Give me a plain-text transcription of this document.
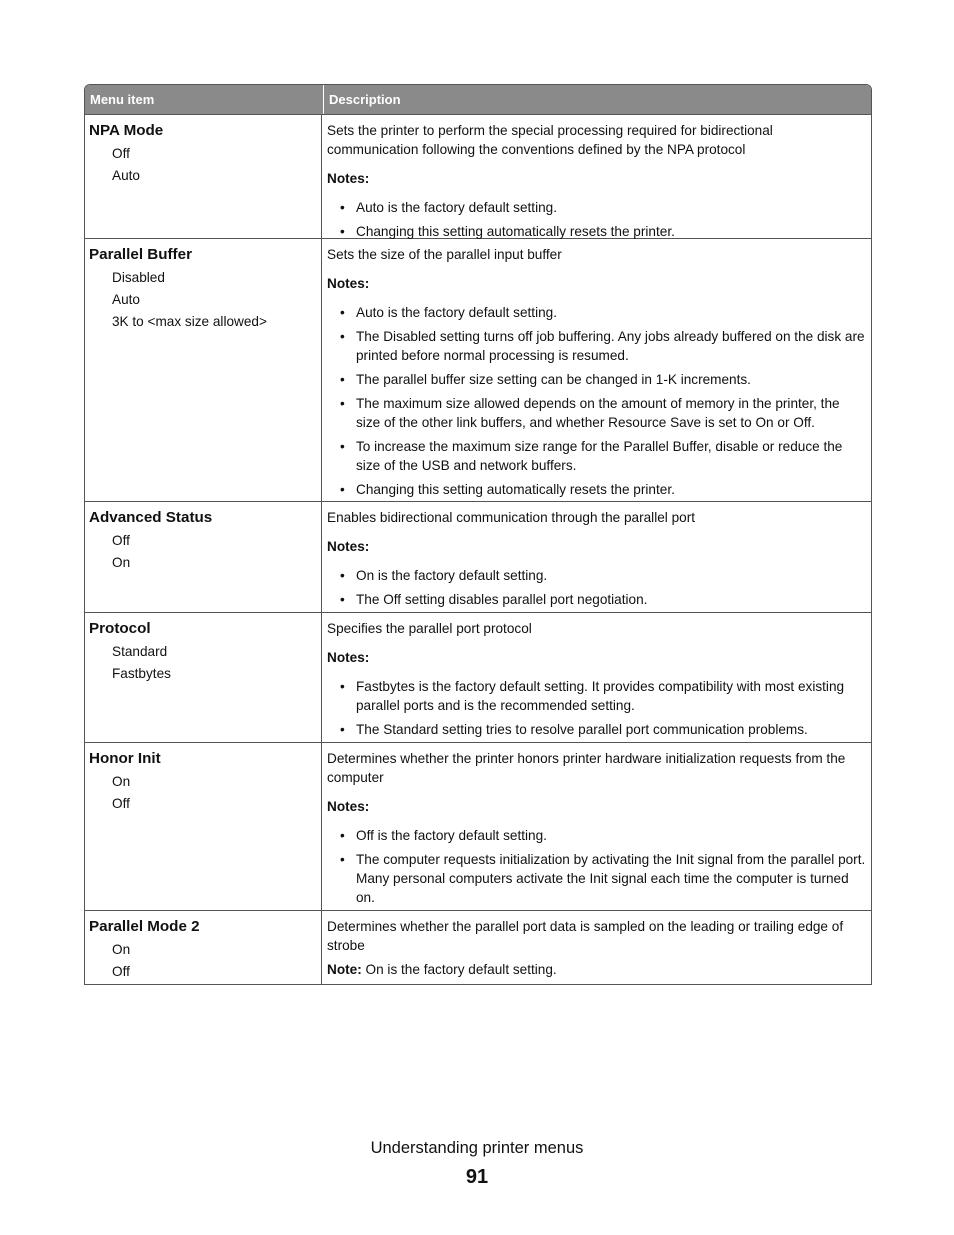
Menu item	Description
NPA Mode
Off
Auto

Sets the printer to perform the special processing required for bidirectional communication following the conventions defined by the NPA protocol

Notes:

• Auto is the factory default setting.
• Changing this setting automatically resets the printer.
Parallel Buffer
Disabled
Auto
3K to <max size allowed>

Sets the size of the parallel input buffer

Notes:

• Auto is the factory default setting.
• The Disabled setting turns off job buffering. Any jobs already buffered on the disk are printed before normal processing is resumed.
• The parallel buffer size setting can be changed in 1-K increments.
• The maximum size allowed depends on the amount of memory in the printer, the size of the other link buffers, and whether Resource Save is set to On or Off.
• To increase the maximum size range for the Parallel Buffer, disable or reduce the size of the USB and network buffers.
• Changing this setting automatically resets the printer.
Advanced Status
Off
On

Enables bidirectional communication through the parallel port

Notes:

• On is the factory default setting.
• The Off setting disables parallel port negotiation.
Protocol
Standard
Fastbytes

Specifies the parallel port protocol

Notes:

• Fastbytes is the factory default setting. It provides compatibility with most existing parallel ports and is the recommended setting.
• The Standard setting tries to resolve parallel port communication problems.
Honor Init
On
Off

Determines whether the printer honors printer hardware initialization requests from the computer

Notes:

• Off is the factory default setting.
• The computer requests initialization by activating the Init signal from the parallel port. Many personal computers activate the Init signal each time the computer is turned on.
Parallel Mode 2
On
Off

Determines whether the parallel port data is sampled on the leading or trailing edge of strobe

Note: On is the factory default setting.

Understanding printer menus
91
